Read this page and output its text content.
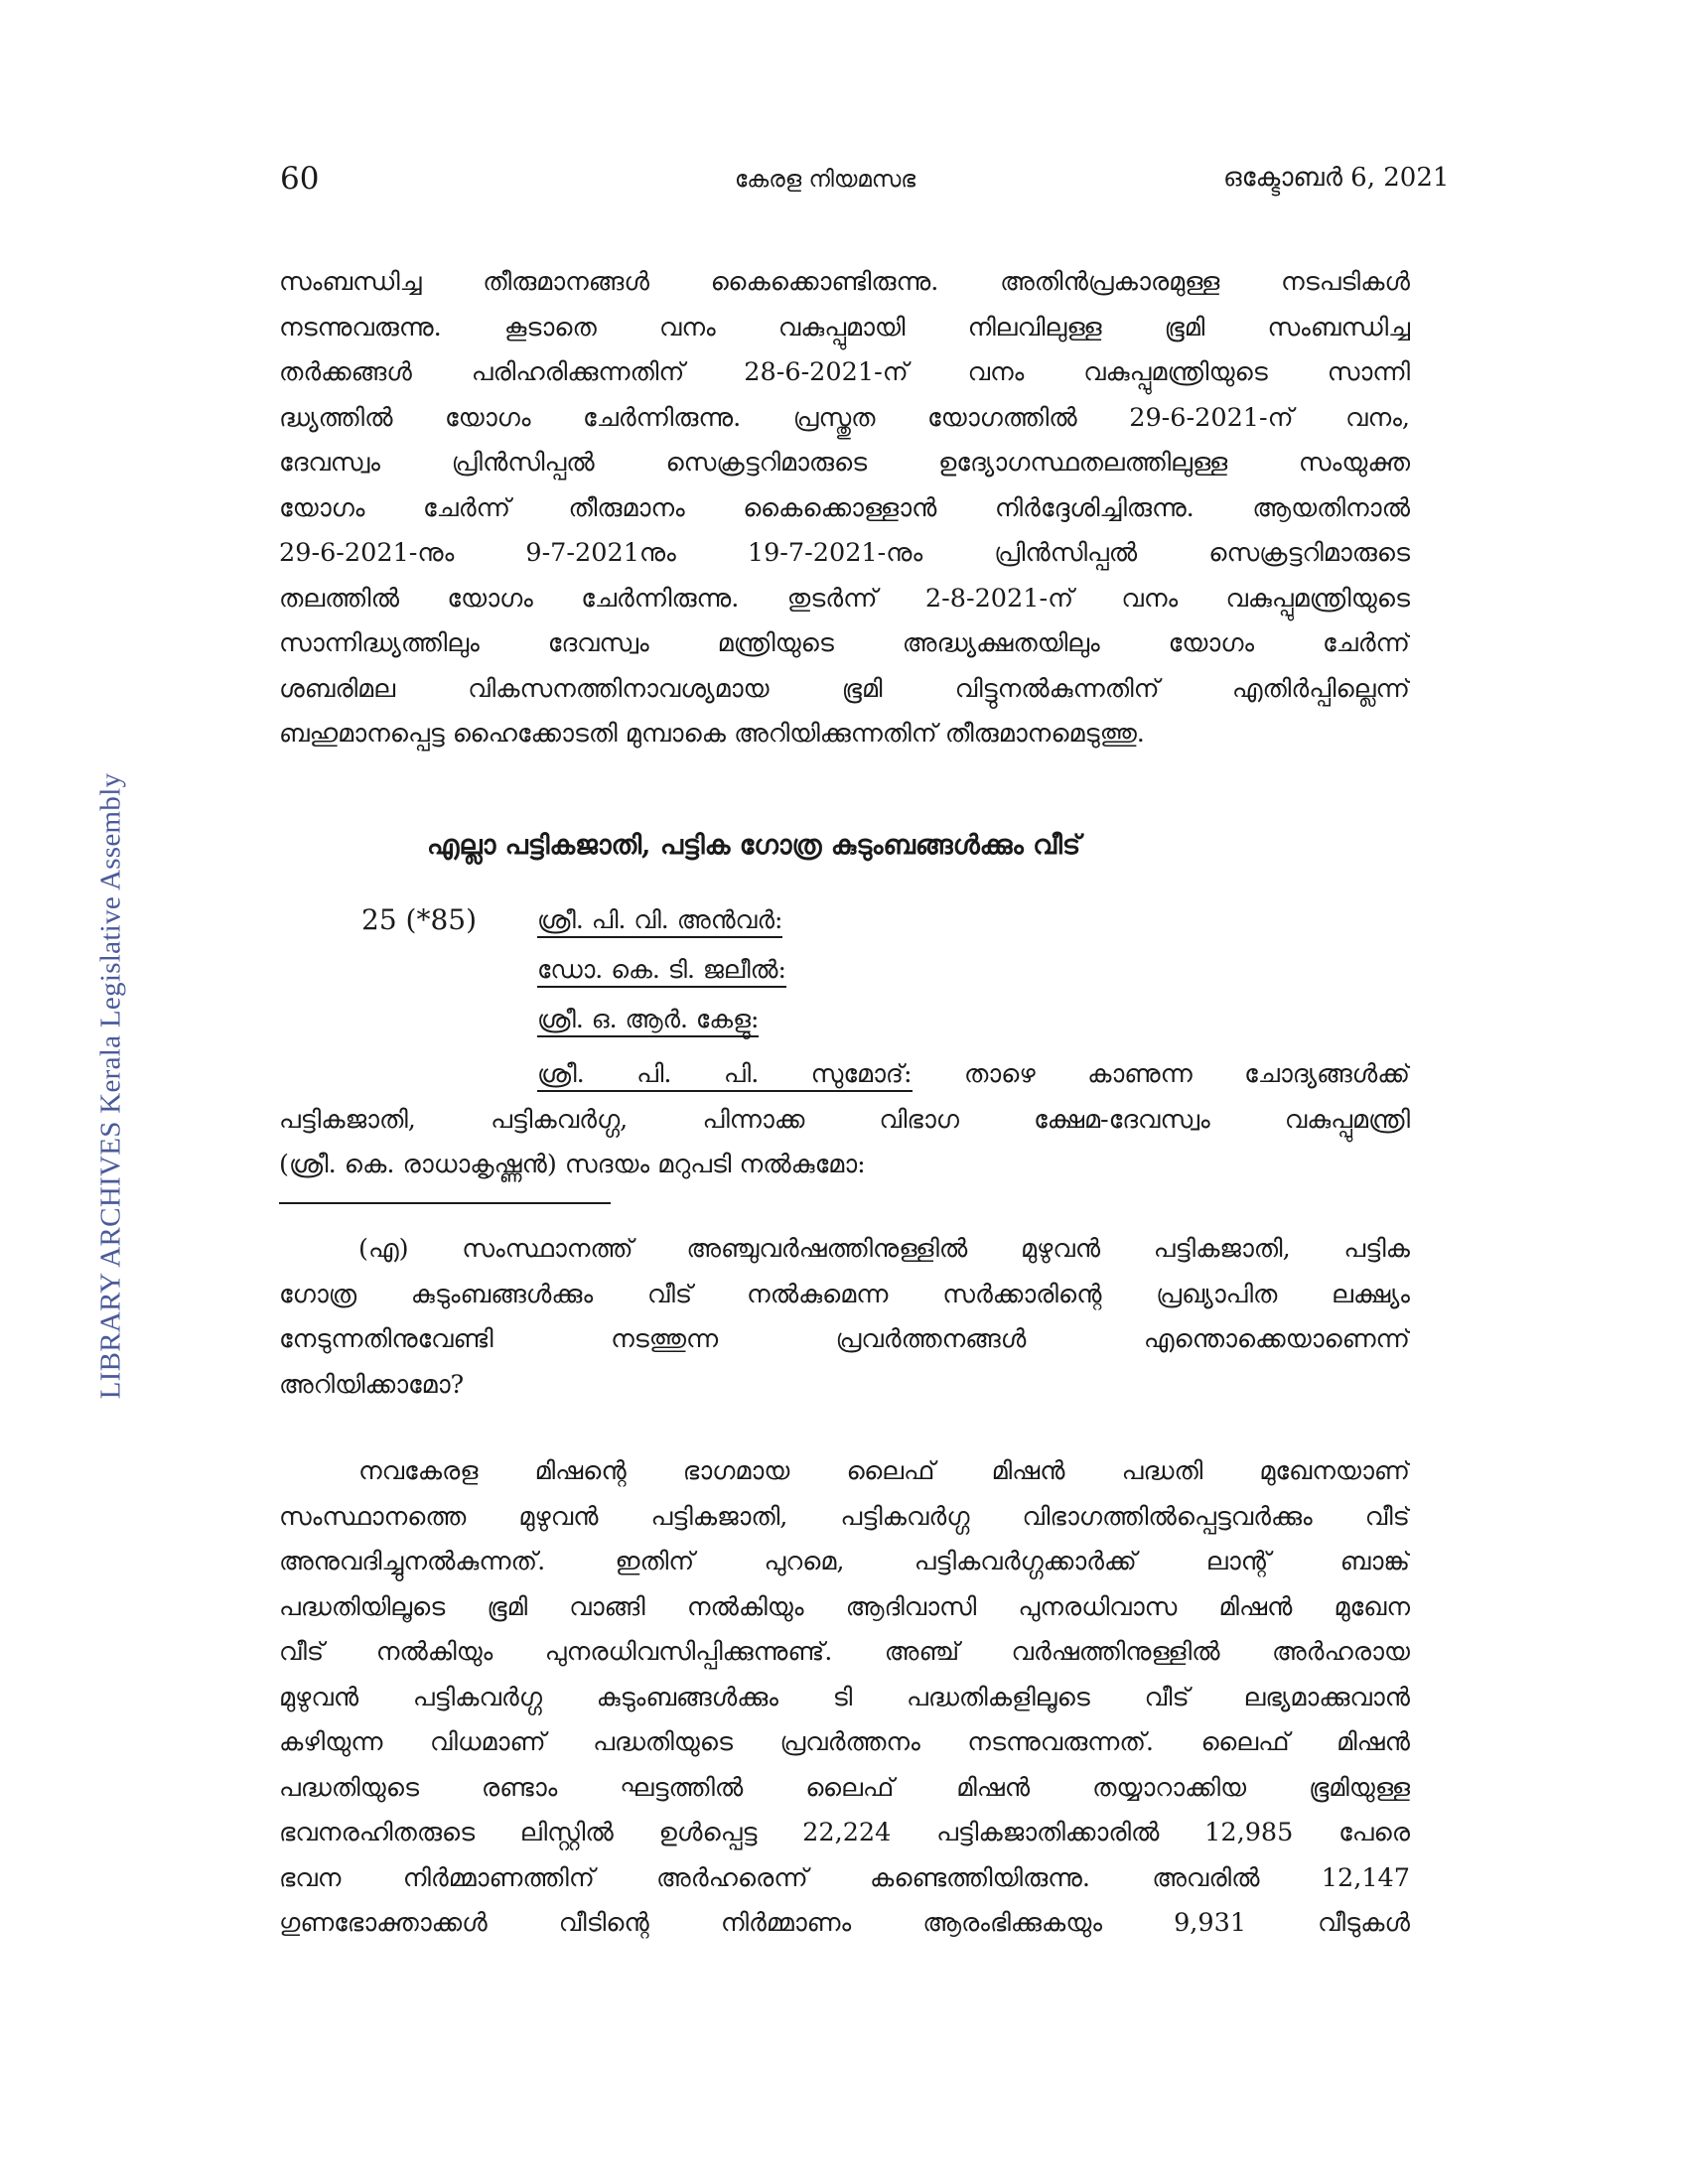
LIBRARY ARCHIVES Kerala Legislative Assembly
60	കേരള നിയമസഭ	ഒക്ടോബർ 6, 2021
സംബന്ധിച്ച തീരുമാനങ്ങൾ കൈക്കൊണ്ടിരുന്നു. അതിൻപ്രകാരമുള്ള നടപടികൾ
നടന്നുവരുന്നു. കൂടാതെ വനം വകുപ്പുമായി നിലവിലുള്ള ഭൂമി സംബന്ധിച്ച
തർക്കങ്ങൾ പരിഹരിക്കുന്നതിന് 28-6-2021-ന് വനം വകുപ്പുമന്ത്രിയുടെ സാന്നി
ദ്ധ്യത്തിൽ യോഗം ചേർന്നിരുന്നു. പ്രസ്തുത യോഗത്തിൽ 29-6-2021-ന് വനം,
ദേവസ്വം പ്രിൻസിപ്പൽ സെക്രട്ടറിമാരുടെ ഉദ്യോഗസ്ഥതലത്തിലുള്ള സംയുക്ത
യോഗം ചേർന്ന് തീരുമാനം കൈക്കൊള്ളാൻ നിർദ്ദേശിച്ചിരുന്നു. ആയതിനാൽ
29-6-2021-നും 9-7-2021നും 19-7-2021-നും പ്രിൻസിപ്പൽ സെക്രട്ടറിമാരുടെ
തലത്തിൽ യോഗം ചേർന്നിരുന്നു. തുടർന്ന് 2-8-2021-ന് വനം വകുപ്പുമന്ത്രിയുടെ
സാന്നിദ്ധ്യത്തിലും ദേവസ്വം മന്ത്രിയുടെ അദ്ധ്യക്ഷതയിലും യോഗം ചേർന്ന്
ശബരിമല വികസനത്തിനാവശ്യമായ ഭൂമി വിട്ടുനൽകുന്നതിന് എതിർപ്പില്ലെന്ന്
ബഹുമാനപ്പെട്ട ഹൈക്കോടതി മുമ്പാകെ അറിയിക്കുന്നതിന് തീരുമാനമെടുത്തു.
എല്ലാ പട്ടികജാതി, പട്ടിക ഗോത്ര കുടുംബങ്ങൾക്കും വീട്
25 (*85) ശ്രീ. പി. വി. അൻവർ:
ഡോ. കെ. ടി. ജലീൽ:
ശ്രീ. ഒ. ആർ. കേളു:
ശ്രീ. പി. പി. സുമോദ്: താഴെ കാണുന്ന ചോദ്യങ്ങൾക്ക്
പട്ടികജാതി, പട്ടികവർഗ്ഗ, പിന്നാക്ക വിഭാഗ ക്ഷേമ-ദേവസ്വം വകുപ്പുമന്ത്രി
(ശ്രീ. കെ. രാധാകൃഷ്ണൻ) സദയം മറുപടി നൽകുമോ:
(എ) സംസ്ഥാനത്ത് അഞ്ചുവർഷത്തിനുള്ളിൽ മുഴുവൻ പട്ടികജാതി, പട്ടിക
ഗോത്ര കുടുംബങ്ങൾക്കും വീട് നൽകുമെന്ന സർക്കാരിന്റെ പ്രഖ്യാപിത ലക്ഷ്യം
നേടുന്നതിനുവേണ്ടി നടത്തുന്ന പ്രവർത്തനങ്ങൾ എന്തൊക്കെയാണെന്ന്
അറിയിക്കാമോ?
നവകേരള മിഷന്റെ ഭാഗമായ ലൈഫ് മിഷൻ പദ്ധതി മുഖേനയാണ്
സംസ്ഥാനത്തെ മുഴുവൻ പട്ടികജാതി, പട്ടികവർഗ്ഗ വിഭാഗത്തിൽപ്പെട്ടവർക്കും വീട്
അനുവദിച്ചുനൽകുന്നത്. ഇതിന് പുറമെ, പട്ടികവർഗ്ഗക്കാർക്ക് ലാന്റ് ബാങ്ക്
പദ്ധതിയിലൂടെ ഭൂമി വാങ്ങി നൽകിയും ആദിവാസി പുനരധിവാസ മിഷൻ മുഖേന
വീട് നൽകിയും പുനരധിവസിപ്പിക്കുന്നുണ്ട്. അഞ്ച് വർഷത്തിനുള്ളിൽ അർഹരായ
മുഴുവൻ പട്ടികവർഗ്ഗ കുടുംബങ്ങൾക്കും ടി പദ്ധതികളിലൂടെ വീട് ലഭ്യമാക്കുവാൻ
കഴിയുന്ന വിധമാണ് പദ്ധതിയുടെ പ്രവർത്തനം നടന്നുവരുന്നത്. ലൈഫ് മിഷൻ
പദ്ധതിയുടെ രണ്ടാം ഘട്ടത്തിൽ ലൈഫ് മിഷൻ തയ്യാറാക്കിയ ഭൂമിയുള്ള
ഭവനരഹിതരുടെ ലിസ്റ്റിൽ ഉൾപ്പെട്ട 22,224 പട്ടികജാതിക്കാരിൽ 12,985 പേരെ
ഭവന നിർമ്മാണത്തിന് അർഹരെന്ന് കണ്ടെത്തിയിരുന്നു. അവരിൽ 12,147
ഗുണഭോക്താക്കൾ വീടിന്റെ നിർമ്മാണം ആരംഭിക്കുകയും 9,931 വീടുകൾ
